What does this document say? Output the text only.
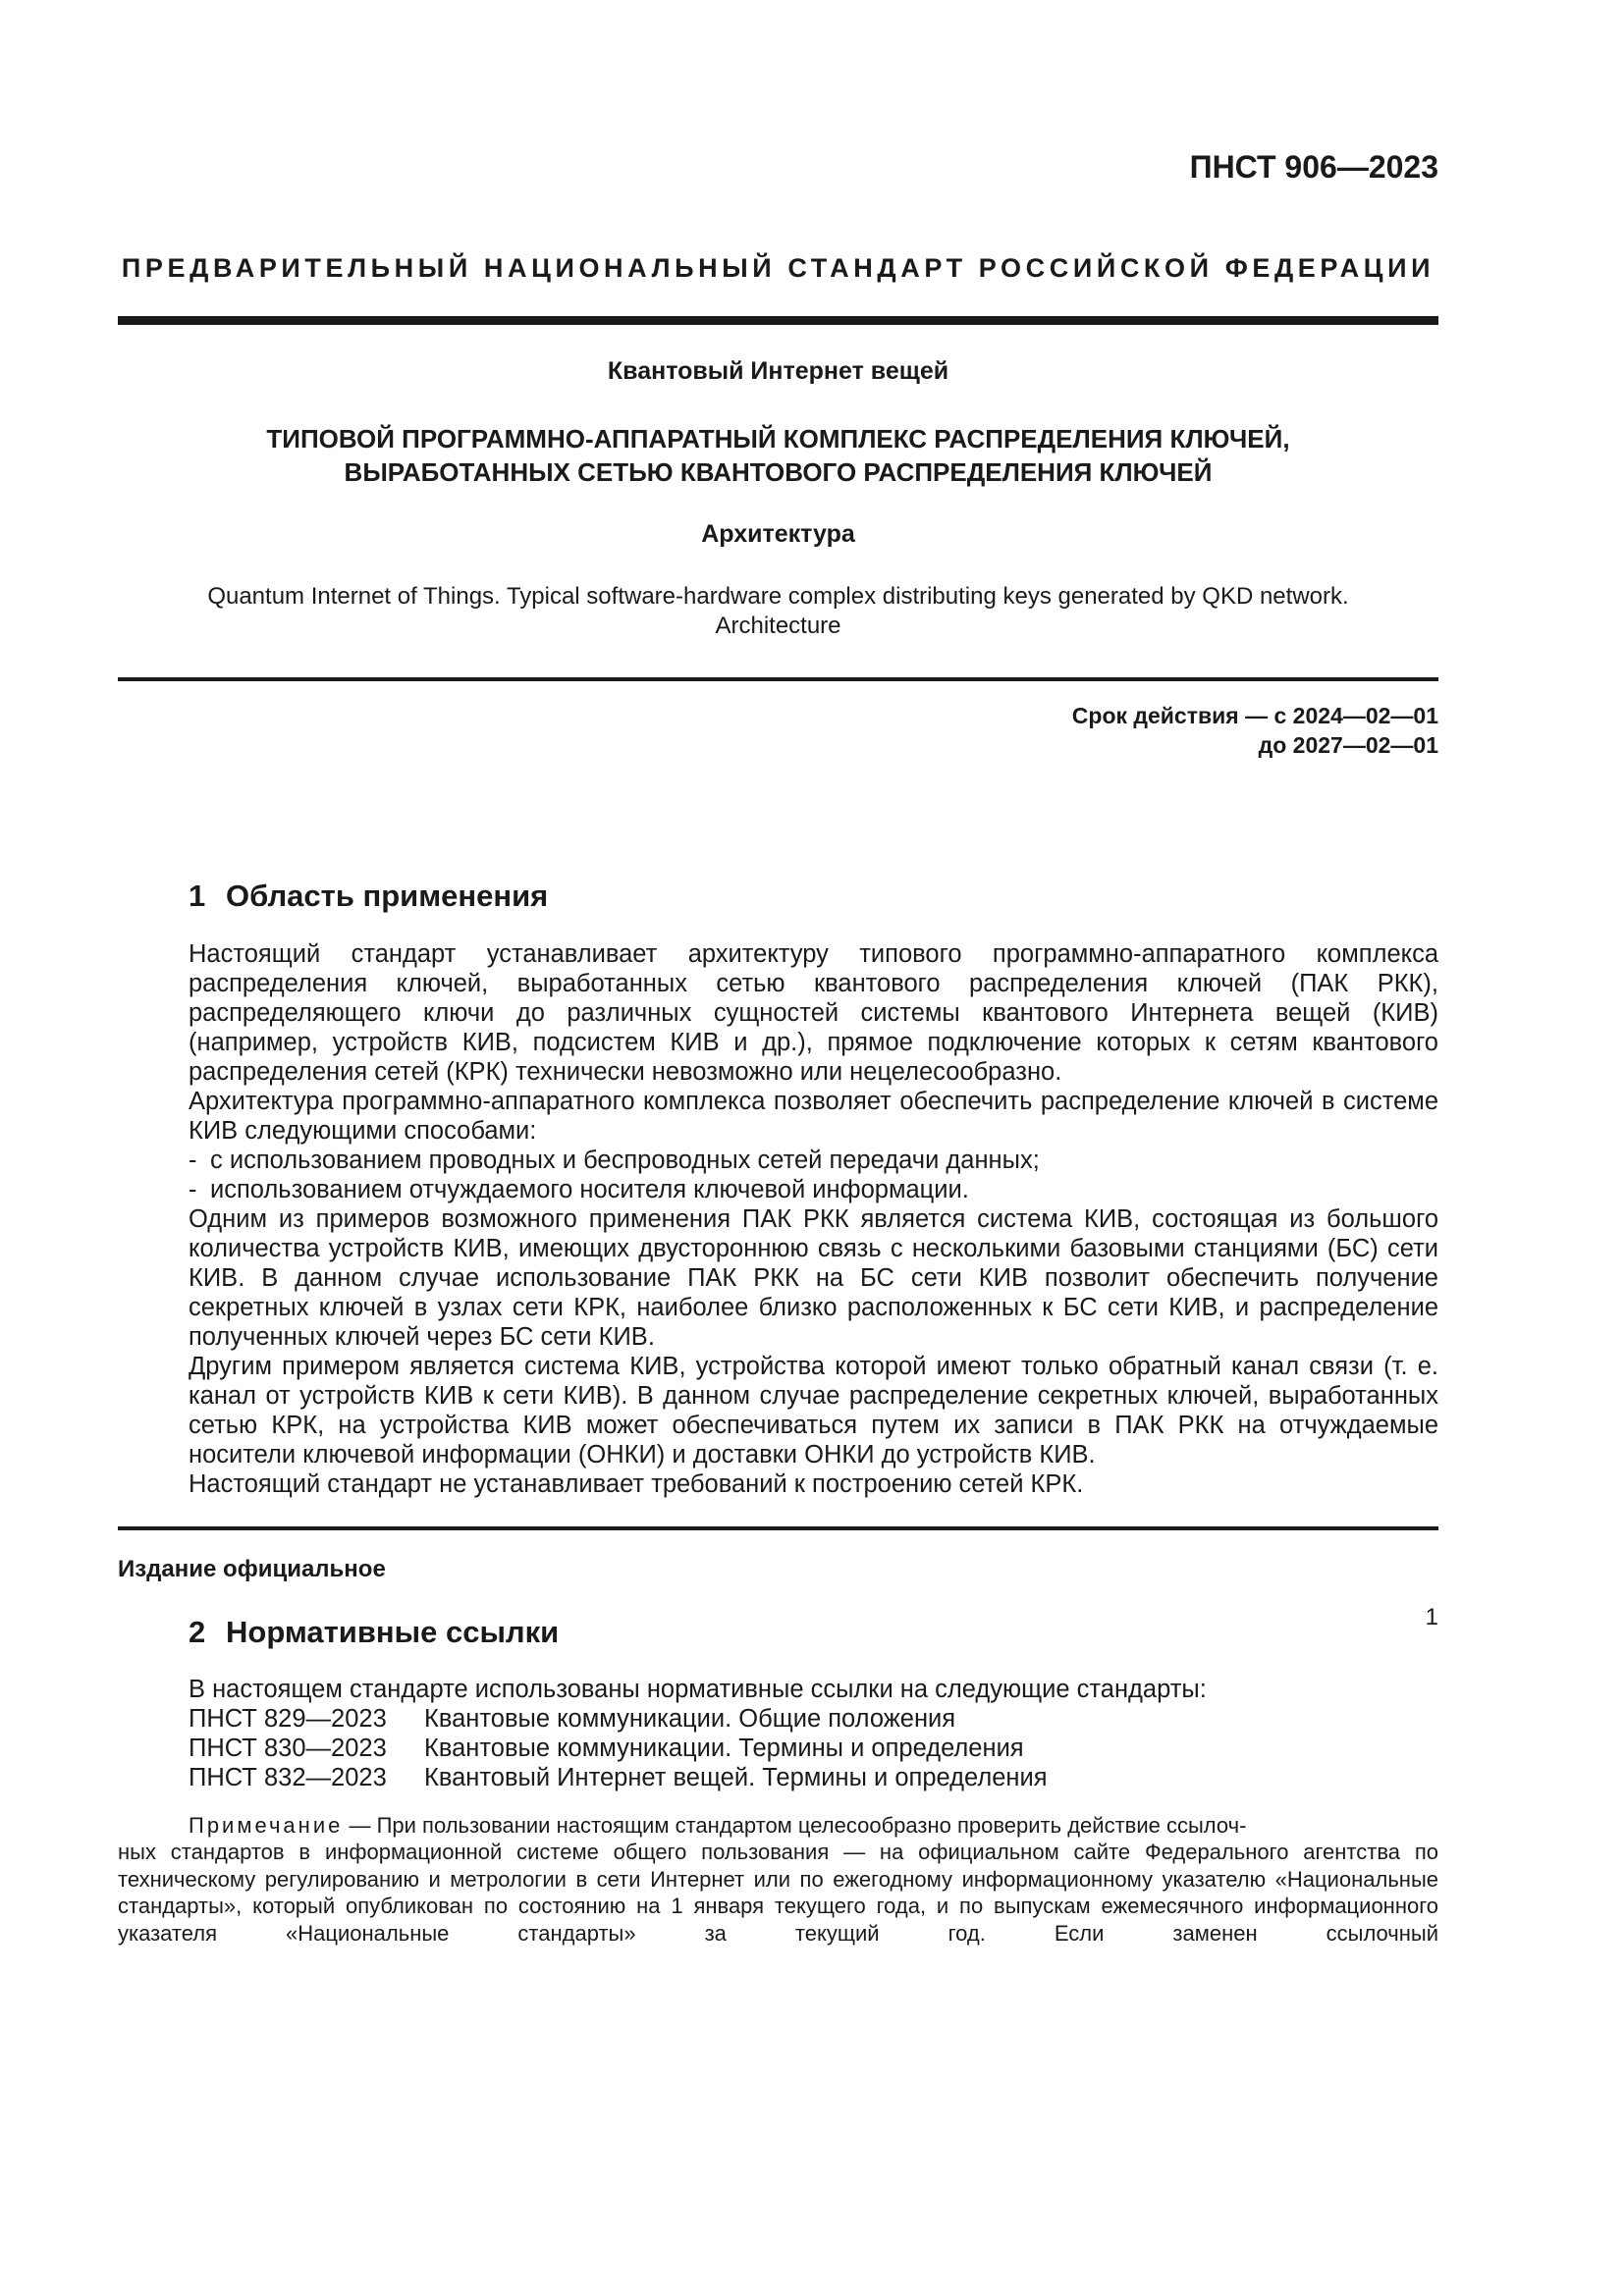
ПНСТ 906—2023
ПРЕДВАРИТЕЛЬНЫЙ НАЦИОНАЛЬНЫЙ СТАНДАРТ РОССИЙСКОЙ ФЕДЕРАЦИИ
Квантовый Интернет вещей
ТИПОВОЙ ПРОГРАММНО-АППАРАТНЫЙ КОМПЛЕКС РАСПРЕДЕЛЕНИЯ КЛЮЧЕЙ,
ВЫРАБОТАННЫХ СЕТЬЮ КВАНТОВОГО РАСПРЕДЕЛЕНИЯ КЛЮЧЕЙ
Архитектура
Quantum Internet of Things. Typical software-hardware complex distributing keys generated by QKD network.
Architecture
Срок действия — с 2024—02—01
до 2027—02—01
1 Область применения

Настоящий стандарт устанавливает архитектуру типового программно-аппаратного комплекса распределения ключей, выработанных сетью квантового распределения ключей (ПАК РКК), распределяющего ключи до различных сущностей системы квантового Интернета вещей (КИВ) (например, устройств КИВ, подсистем КИВ и др.), прямое подключение которых к сетям квантового распределения сетей (КРК) технически невозможно или нецелесообразно.

Архитектура программно-аппаратного комплекса позволяет обеспечить распределение ключей в системе КИВ следующими способами:

- с использованием проводных и беспроводных сетей передачи данных;
- использованием отчуждаемого носителя ключевой информации.

Одним из примеров возможного применения ПАК РКК является система КИВ, состоящая из большого количества устройств КИВ, имеющих двустороннюю связь с несколькими базовыми станциями (БС) сети КИВ. В данном случае использование ПАК РКК на БС сети КИВ позволит обеспечить получение секретных ключей в узлах сети КРК, наиболее близко расположенных к БС сети КИВ, и распределение полученных ключей через БС сети КИВ.

Другим примером является система КИВ, устройства которой имеют только обратный канал связи (т. е. канал от устройств КИВ к сети КИВ). В данном случае распределение секретных ключей, выработанных сетью КРК, на устройства КИВ может обеспечиваться путем их записи в ПАК РКК на отчуждаемые носители ключевой информации (ОНКИ) и доставки ОНКИ до устройств КИВ.

Настоящий стандарт не устанавливает требований к построению сетей КРК.

2 Нормативные ссылки

В настоящем стандарте использованы нормативные ссылки на следующие стандарты:

ПНСТ 829—2023	Квантовые коммуникации. Общие положения
ПНСТ 830—2023	Квантовые коммуникации. Термины и определения
ПНСТ 832—2023	Квантовый Интернет вещей. Термины и определения
Примечание — При пользовании настоящим стандартом целесообразно проверить действие ссылоч-
ных стандартов в информационной системе общего пользования — на официальном сайте Федерального агентства по техническому регулированию и метрологии в сети Интернет или по ежегодному информационному указателю «Национальные стандарты», который опубликован по состоянию на 1 января текущего года, и по выпускам ежемесячного информационного указателя «Национальные стандарты» за текущий год. Если заменен ссылочный
Издание официальное
1
